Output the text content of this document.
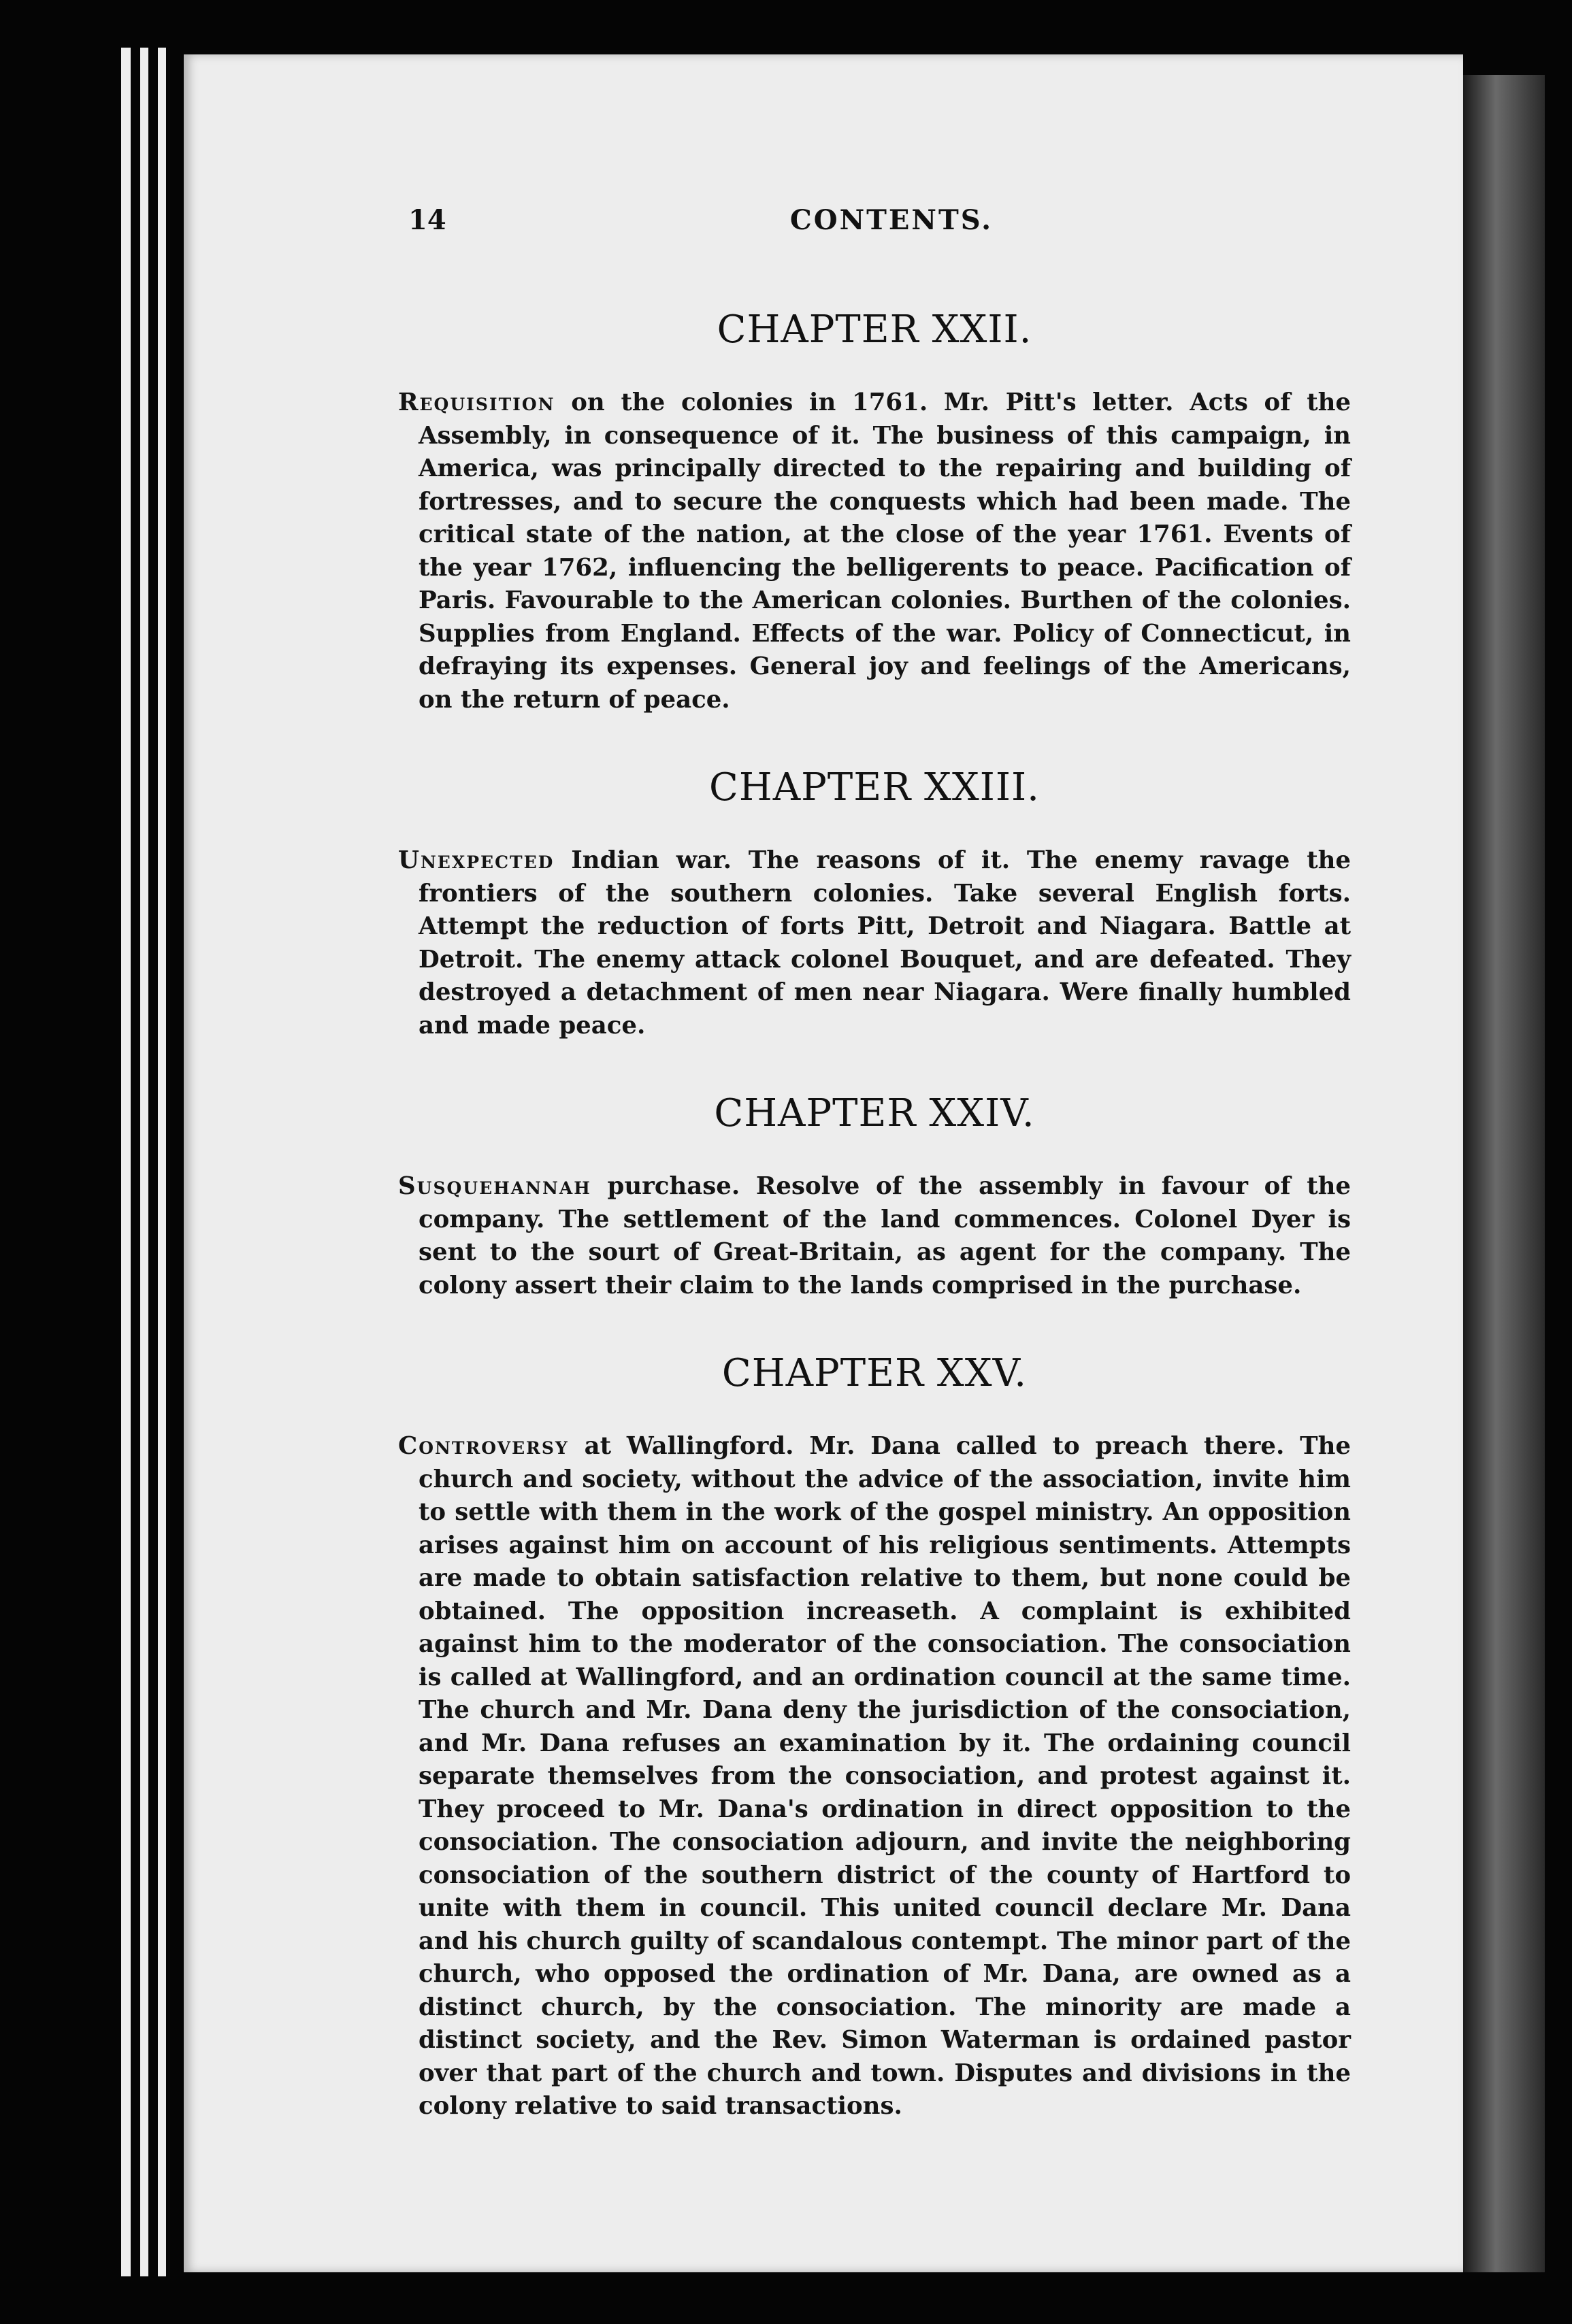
14	CONTENTS.
CHAPTER XXII.

Requisition on the colonies in 1761. Mr. Pitt's letter. Acts of the Assembly, in consequence of it. The business of this campaign, in America, was principally directed to the repairing and building of fortresses, and to secure the conquests which had been made. The critical state of the nation, at the close of the year 1761. Events of the year 1762, influencing the belligerents to peace. Pacification of Paris. Favourable to the American colonies. Burthen of the colonies. Supplies from England. Effects of the war. Policy of Connecticut, in defraying its expenses. General joy and feelings of the Americans, on the return of peace.

CHAPTER XXIII.

Unexpected Indian war. The reasons of it. The enemy ravage the frontiers of the southern colonies. Take several English forts. Attempt the reduction of forts Pitt, Detroit and Niagara. Battle at Detroit. The enemy attack colonel Bouquet, and are defeated. They destroyed a detachment of men near Niagara. Were finally humbled and made peace.

CHAPTER XXIV.

Susquehannah purchase. Resolve of the assembly in favour of the company. The settlement of the land commences. Colonel Dyer is sent to the sourt of Great-Britain, as agent for the company. The colony assert their claim to the lands comprised in the purchase.

CHAPTER XXV.

Controversy at Wallingford. Mr. Dana called to preach there. The church and society, without the advice of the association, invite him to settle with them in the work of the gospel ministry. An opposition arises against him on account of his religious sentiments. Attempts are made to obtain satisfaction relative to them, but none could be obtained. The opposition increaseth. A complaint is exhibited against him to the moderator of the consociation. The consociation is called at Wallingford, and an ordination council at the same time. The church and Mr. Dana deny the jurisdiction of the consociation, and Mr. Dana refuses an examination by it. The ordaining council separate themselves from the consociation, and protest against it. They proceed to Mr. Dana's ordination in direct opposition to the consociation. The consociation adjourn, and invite the neighboring consociation of the southern district of the county of Hartford to unite with them in council. This united council declare Mr. Dana and his church guilty of scandalous contempt. The minor part of the church, who opposed the ordination of Mr. Dana, are owned as a distinct church, by the consociation. The minority are made a distinct society, and the Rev. Simon Waterman is ordained pastor over that part of the church and town. Disputes and divisions in the colony relative to said transactions.
